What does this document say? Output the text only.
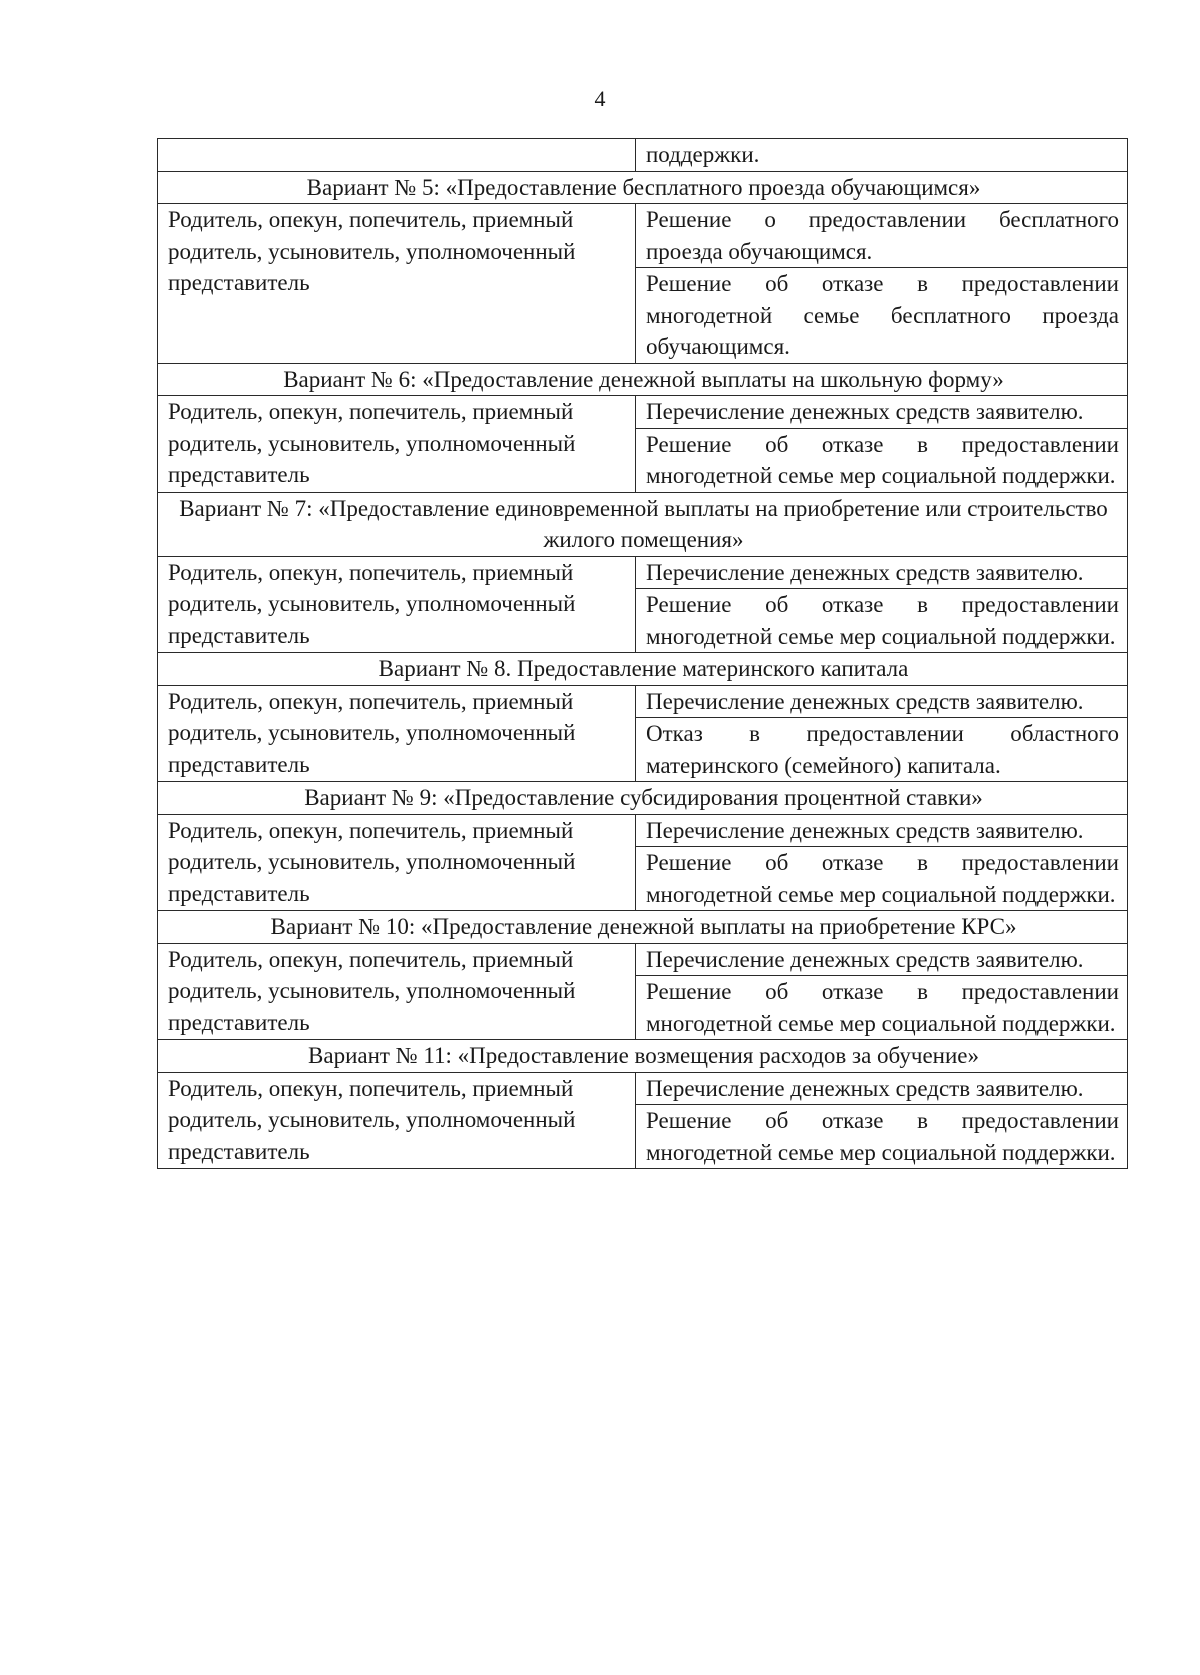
4
	поддержки.
Вариант № 5: «Предоставление бесплатного проезда обучающимся»	
Родитель, опекун, попечитель, приемный родитель, усыновитель, уполномоченный представитель	Решение о предоставлении бесплатного проезда обучающимся.
	Решение об отказе в предоставлении многодетной семье бесплатного проезда обучающимся.
Вариант № 6: «Предоставление денежной выплаты на школьную форму»	
Родитель, опекун, попечитель, приемный родитель, усыновитель, уполномоченный представитель	Перечисление денежных средств заявителю.
	Решение об отказе в предоставлении многодетной семье мер социальной поддержки.
Вариант № 7: «Предоставление единовременной выплаты на приобретение или строительство жилого помещения»	
Родитель, опекун, попечитель, приемный родитель, усыновитель, уполномоченный представитель	Перечисление денежных средств заявителю.
	Решение об отказе в предоставлении многодетной семье мер социальной поддержки.
Вариант № 8. Предоставление материнского капитала	
Родитель, опекун, попечитель, приемный родитель, усыновитель, уполномоченный представитель	Перечисление денежных средств заявителю.
	Отказ в предоставлении областного материнского (семейного) капитала.
Вариант № 9: «Предоставление субсидирования процентной ставки»	
Родитель, опекун, попечитель, приемный родитель, усыновитель, уполномоченный представитель	Перечисление денежных средств заявителю.
	Решение об отказе в предоставлении многодетной семье мер социальной поддержки.
Вариант № 10: «Предоставление денежной выплаты на приобретение КРС»	
Родитель, опекун, попечитель, приемный родитель, усыновитель, уполномоченный представитель	Перечисление денежных средств заявителю.
	Решение об отказе в предоставлении многодетной семье мер социальной поддержки.
Вариант № 11: «Предоставление возмещения расходов за обучение»	
Родитель, опекун, попечитель, приемный родитель, усыновитель, уполномоченный представитель	Перечисление денежных средств заявителю.
	Решение об отказе в предоставлении многодетной семье мер социальной поддержки.
